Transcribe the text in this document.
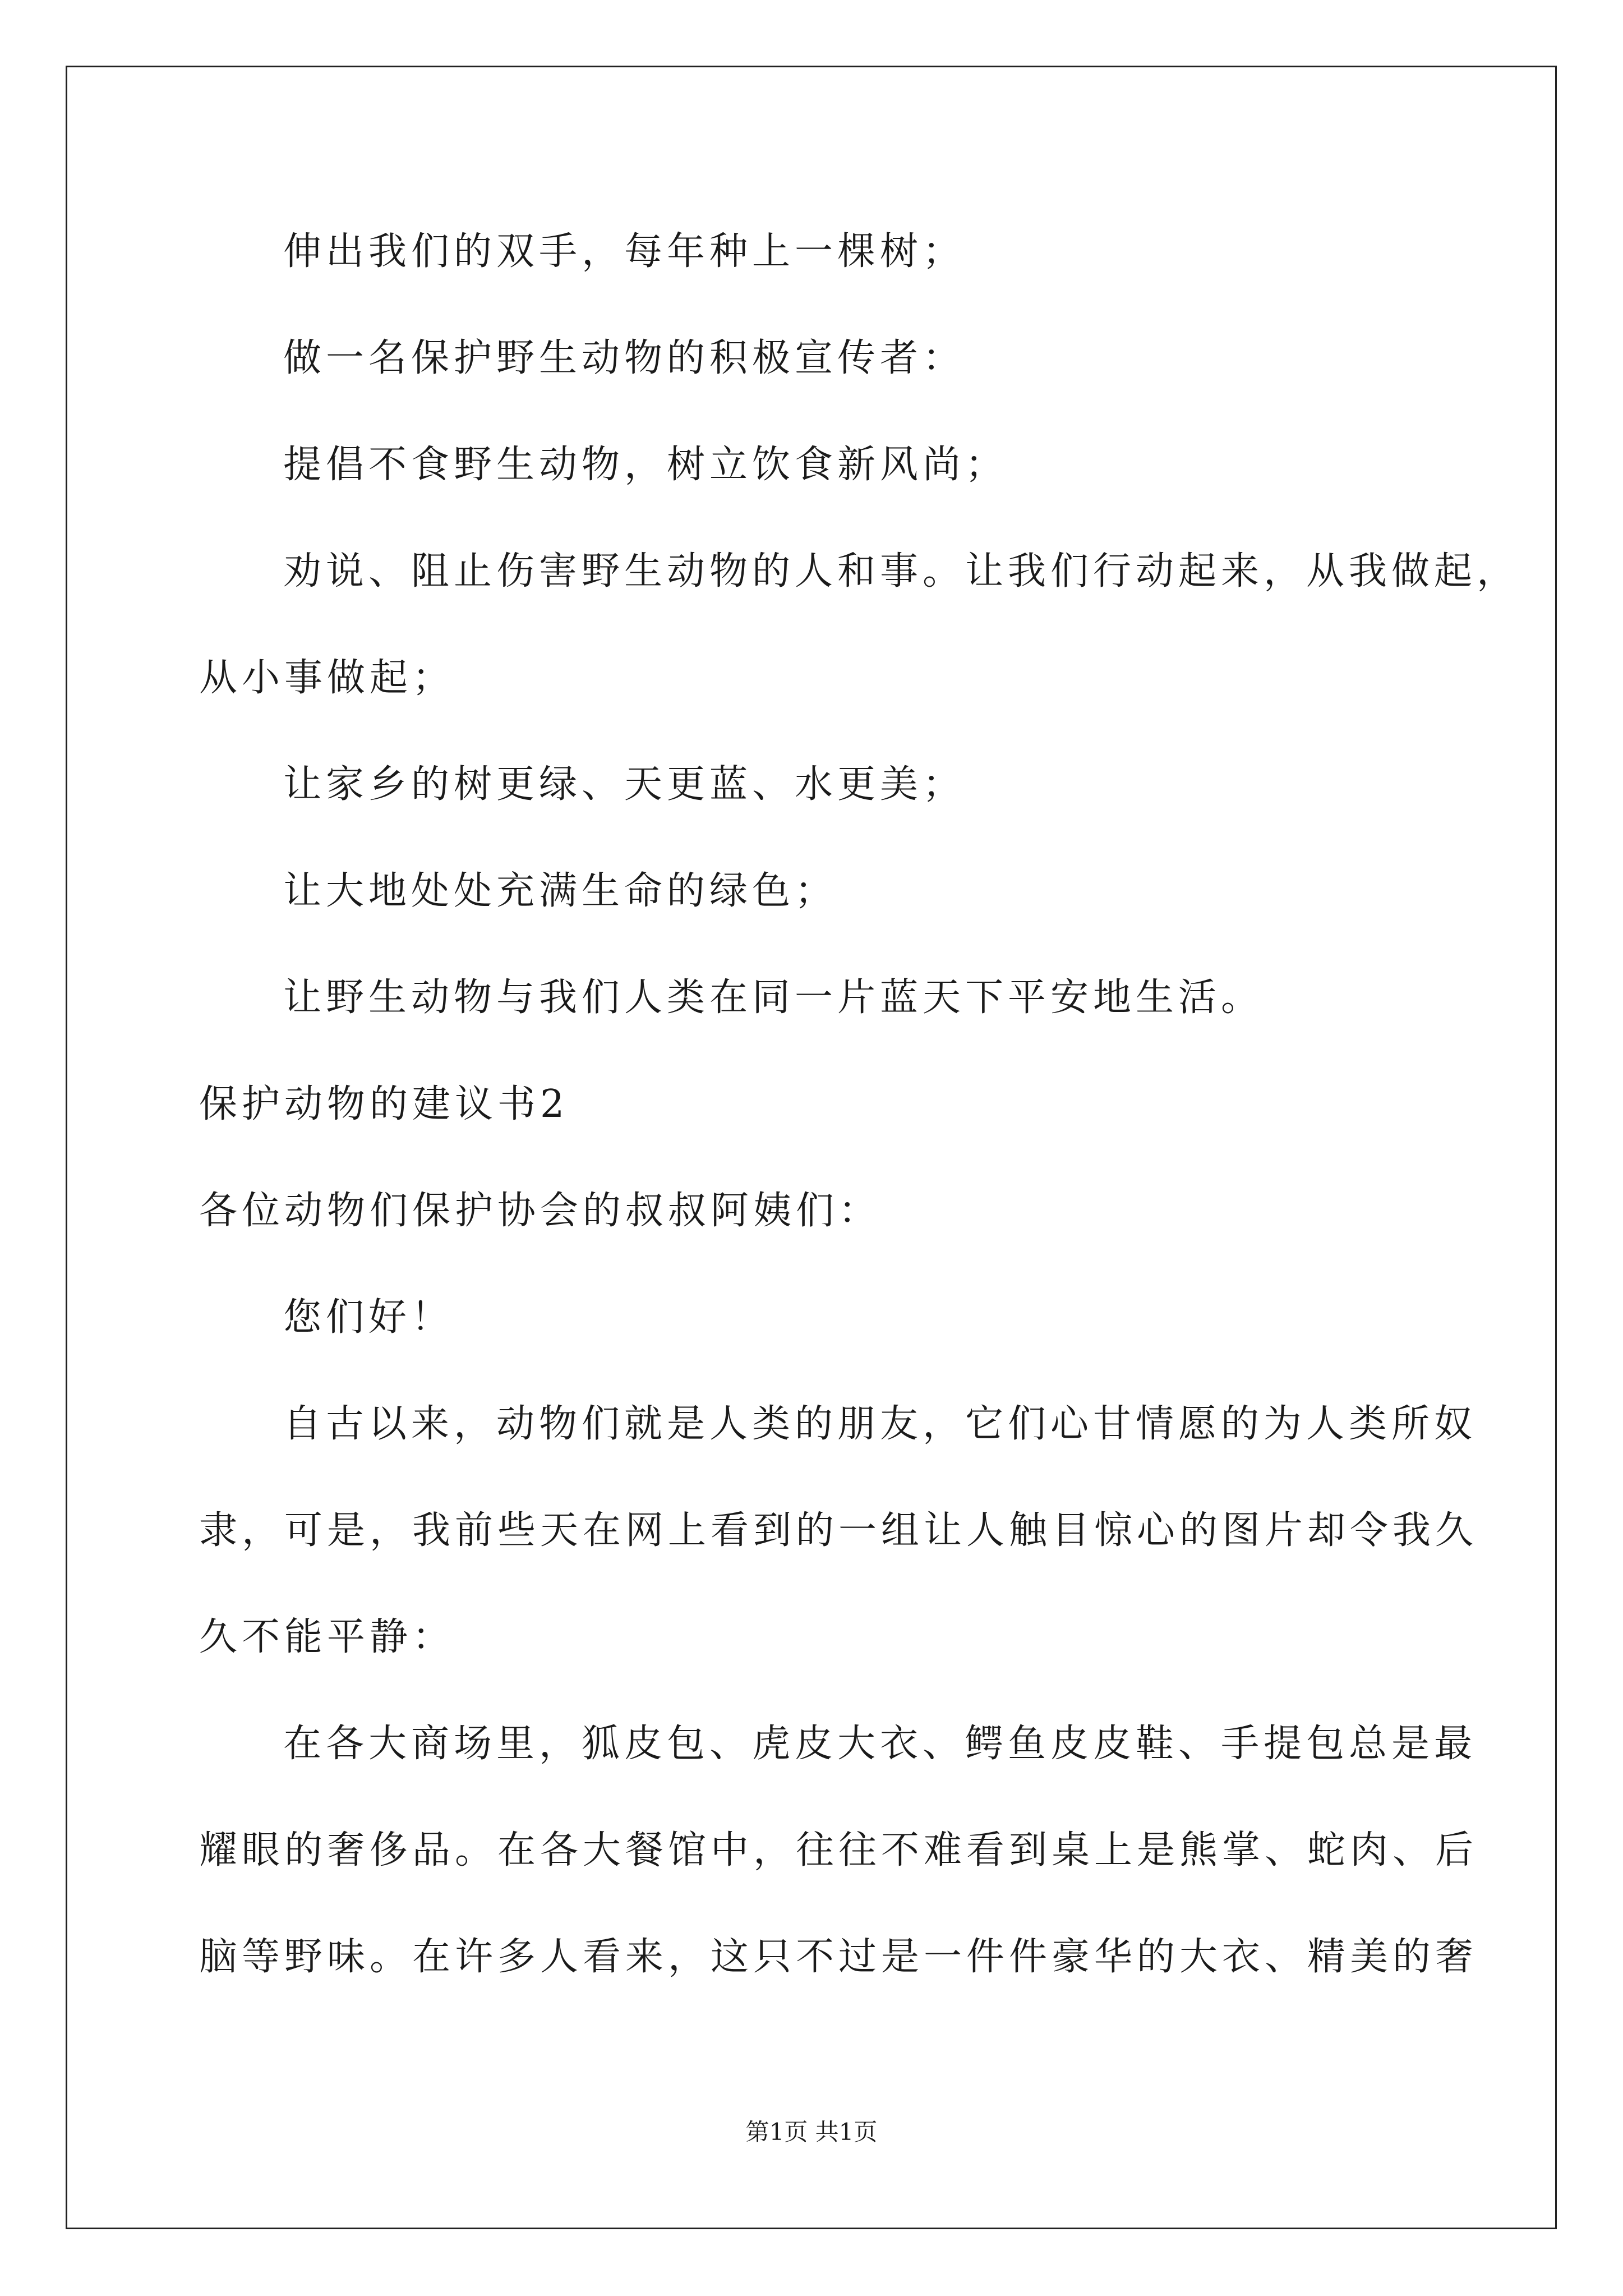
伸出我们的双手，每年种上一棵树；
做一名保护野生动物的积极宣传者：
提倡不食野生动物，树立饮食新风尚；
劝说、阻止伤害野生动物的人和事。让我们行动起来，从我做起，
从小事做起；
让家乡的树更绿、天更蓝、水更美；
让大地处处充满生命的绿色；
让野生动物与我们人类在同一片蓝天下平安地生活。
保护动物的建议书2
各位动物们保护协会的叔叔阿姨们：
您们好！
自古以来，动物们就是人类的朋友，它们心甘情愿的为人类所奴
隶，可是，我前些天在网上看到的一组让人触目惊心的图片却令我久
久不能平静：
在各大商场里，狐皮包、虎皮大衣、鳄鱼皮皮鞋、手提包总是最
耀眼的奢侈品。在各大餐馆中，往往不难看到桌上是熊掌、蛇肉、后
脑等野味。在许多人看来，这只不过是一件件豪华的大衣、精美的奢
第1页 共1页
